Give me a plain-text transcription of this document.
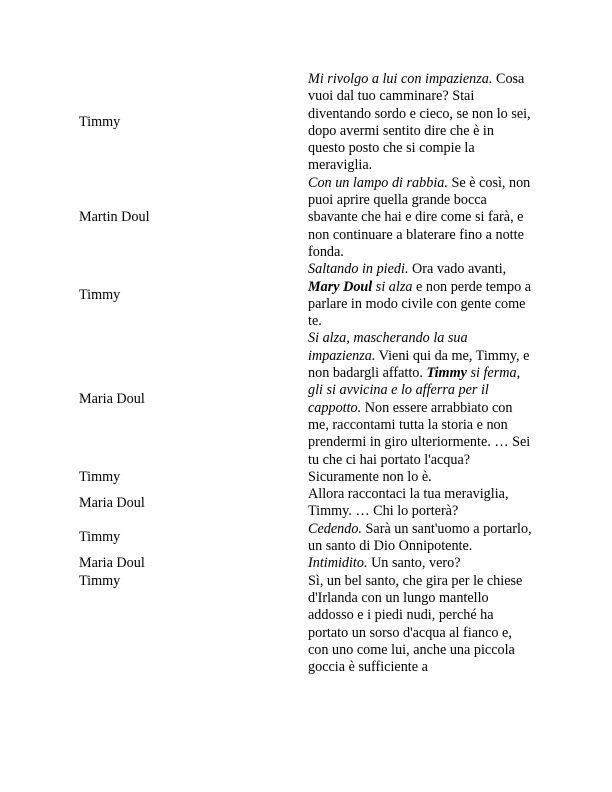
Timmy
Mi rivolgo a lui con impazienza. Cosa vuoi dal tuo camminare? Stai diventando sordo e cieco, se non lo sei, dopo avermi sentito dire che è in questo posto che si compie la meraviglia.
Martin Doul
Con un lampo di rabbia. Se è così, non puoi aprire quella grande bocca sbavante che hai e dire come si farà, e non continuare a blaterare fino a notte fonda.
Timmy
Saltando in piedi. Ora vado avanti, Mary Doul si alza e non perde tempo a parlare in modo civile con gente come te.
Maria Doul
Si alza, mascherando la sua impazienza. Vieni qui da me, Timmy, e non badargli affatto. Timmy si ferma, gli si avvicina e lo afferra per il cappotto. Non essere arrabbiato con me, raccontami tutta la storia e non prendermi in giro ulteriormente. … Sei tu che ci hai portato l'acqua?
Timmy	Sicuramente non lo è.
Maria Doul
Allora raccontaci la tua meraviglia, Timmy. … Chi lo porterà?
Timmy
Cedendo. Sarà un sant'uomo a portarlo, un santo di Dio Onnipotente.
Maria Doul	Intimidito. Un santo, vero?
Timmy	Sì, un bel santo, che gira per le chiese d'Irlanda con un lungo mantello addosso e i piedi nudi, perché ha portato un sorso d'acqua al fianco e, con uno come lui, anche una piccola goccia è sufficiente a
